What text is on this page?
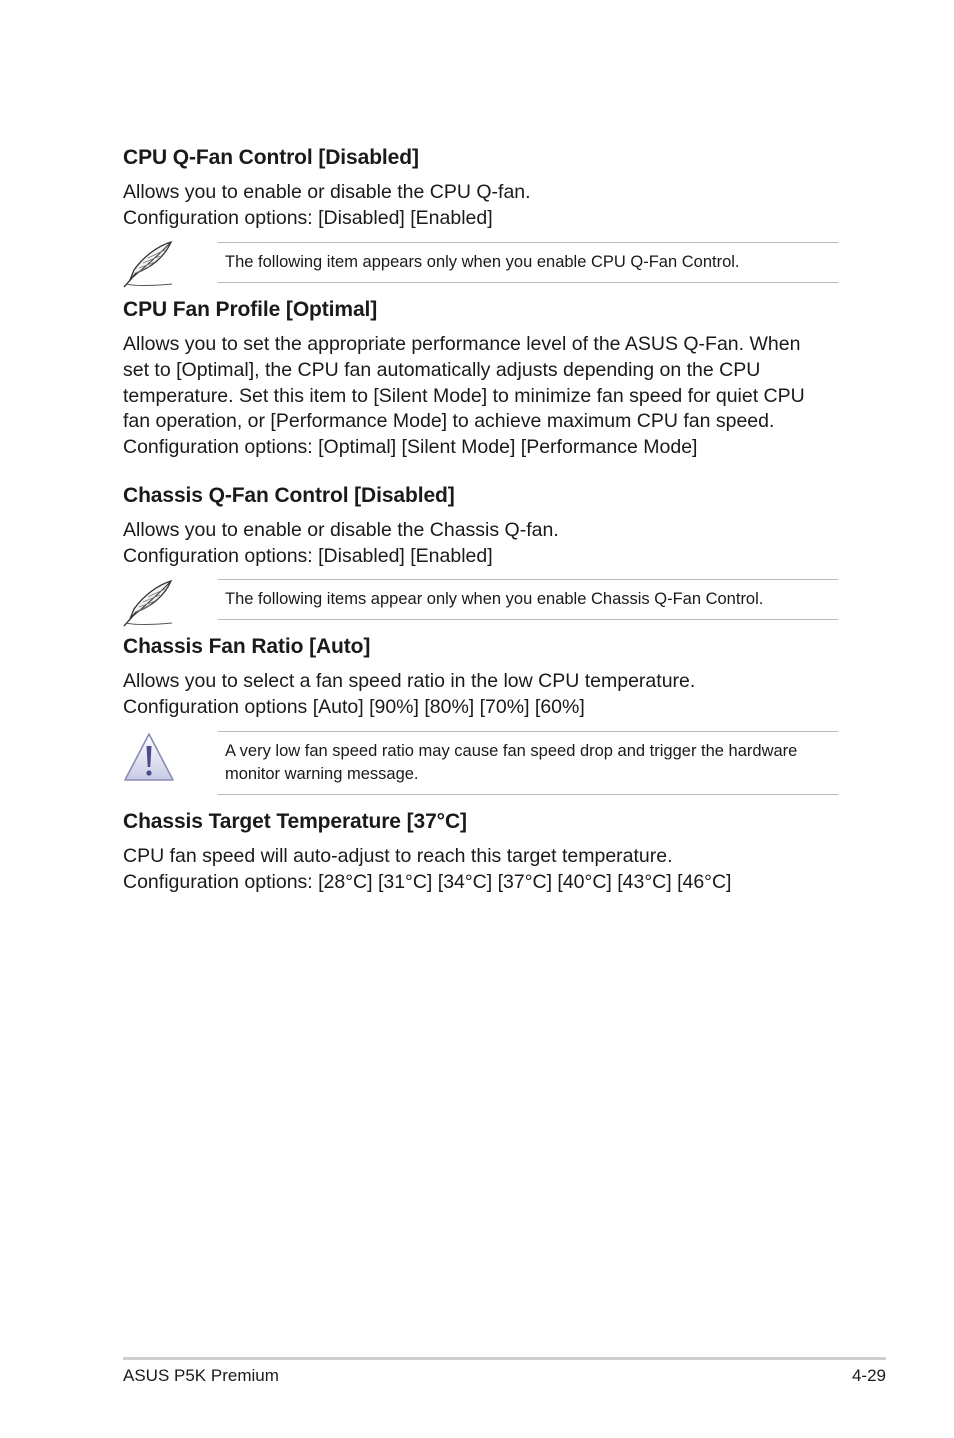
CPU Q-Fan Control [Disabled]
Allows you to enable or disable the CPU Q-fan.
Configuration options: [Disabled] [Enabled]
The following item appears only when you enable CPU Q-Fan Control.
CPU Fan Profile [Optimal]
Allows you to set the appropriate performance level of the ASUS Q-Fan. When
set to [Optimal], the CPU fan automatically adjusts depending on the CPU
temperature. Set this item to [Silent Mode] to minimize fan speed for quiet CPU
fan operation, or [Performance Mode] to achieve maximum CPU fan speed.
Configuration options: [Optimal] [Silent Mode] [Performance Mode]
Chassis Q-Fan Control [Disabled]
Allows you to enable or disable the Chassis Q-fan.
Configuration options: [Disabled] [Enabled]
The following items appear only when you enable Chassis Q-Fan Control.
Chassis Fan Ratio [Auto]
Allows you to select a fan speed ratio in the low CPU temperature.
Configuration options [Auto] [90%] [80%] [70%] [60%]
A very low fan speed ratio may cause fan speed drop and trigger the hardware
monitor warning message.
Chassis Target Temperature [37°C]
CPU fan speed will auto-adjust to reach this target temperature.
Configuration options: [28°C] [31°C] [34°C] [37°C] [40°C] [43°C] [46°C]
ASUS P5K Premium	4-29
